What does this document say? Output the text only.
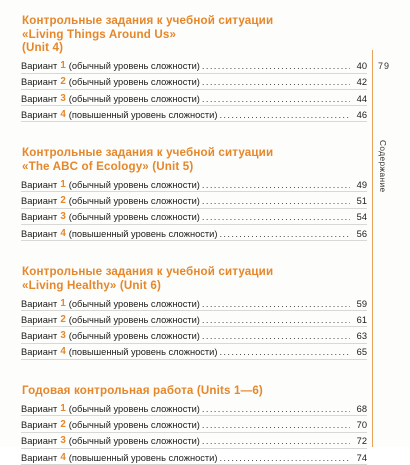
79
Содержание
Контрольные задания к учебной ситуации
«Living Things Around Us»
(Unit 4)
Вариант 1 (обычный уровень сложности) . . .	40
Вариант 2 (обычный уровень сложности) . . .	42
Вариант 3 (обычный уровень сложности) . . .	44
Вариант 4 (повышенный уровень сложности) . . .	46
Контрольные задания к учебной ситуации
«The ABC of Ecology» (Unit 5)
Вариант 1 (обычный уровень сложности) . . .	49
Вариант 2 (обычный уровень сложности) . . .	51
Вариант 3 (обычный уровень сложности) . . .	54
Вариант 4 (повышенный уровень сложности) . . .	56
Контрольные задания к учебной ситуации
«Living Healthy» (Unit 6)
Вариант 1 (обычный уровень сложности) . . .	59
Вариант 2 (обычный уровень сложности) . . .	61
Вариант 3 (обычный уровень сложности) . . .	63
Вариант 4 (повышенный уровень сложности) . . .	65
Годовая контрольная работа (Units 1—6)
Вариант 1 (обычный уровень сложности) . . .	68
Вариант 2 (обычный уровень сложности) . . .	70
Вариант 3 (обычный уровень сложности) . . .	72
Вариант 4 (повышенный уровень сложности) . . .	74
